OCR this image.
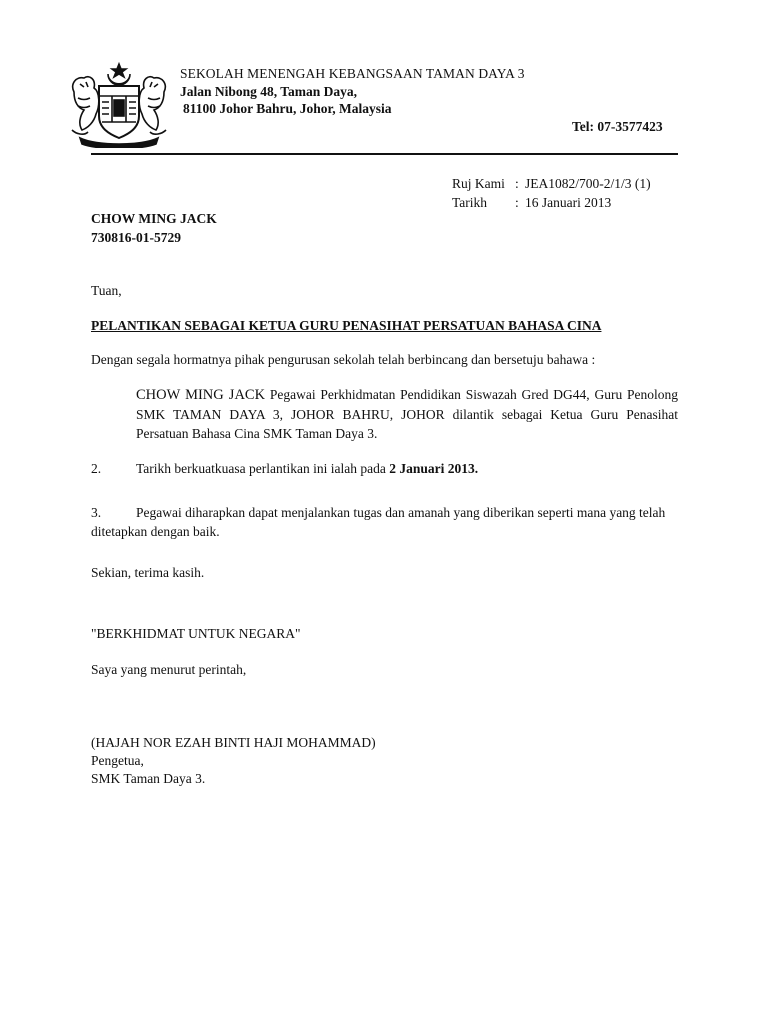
SEKOLAH MENENGAH KEBANGSAAN TAMAN DAYA 3
Jalan Nibong 48, Taman Daya,
81100 Johor Bahru, Johor, Malaysia
Tel: 07-3577423
Ruj Kami : JEA1082/700-2/1/3 (1)
Tarikh	: 16 Januari 2013
CHOW MING JACK
730816-01-5729
Tuan,
PELANTIKAN SEBAGAI KETUA GURU PENASIHAT PERSATUAN BAHASA CINA
Dengan segala hormatnya pihak pengurusan sekolah telah berbincang dan bersetuju bahawa :
CHOW MING JACK Pegawai Perkhidmatan Pendidikan Siswazah Gred DG44, Guru Penolong SMK TAMAN DAYA 3, JOHOR BAHRU, JOHOR dilantik sebagai Ketua Guru Penasihat Persatuan Bahasa Cina SMK Taman Daya 3.
2.	Tarikh berkuatkuasa perlantikan ini ialah pada 2 Januari 2013.
3.	Pegawai diharapkan dapat menjalankan tugas dan amanah yang diberikan seperti mana yang telah ditetapkan dengan baik.
Sekian, terima kasih.
"BERKHIDMAT UNTUK NEGARA"
Saya yang menurut perintah,
(HAJAH NOR EZAH BINTI HAJI MOHAMMAD)
Pengetua,
SMK Taman Daya 3.
